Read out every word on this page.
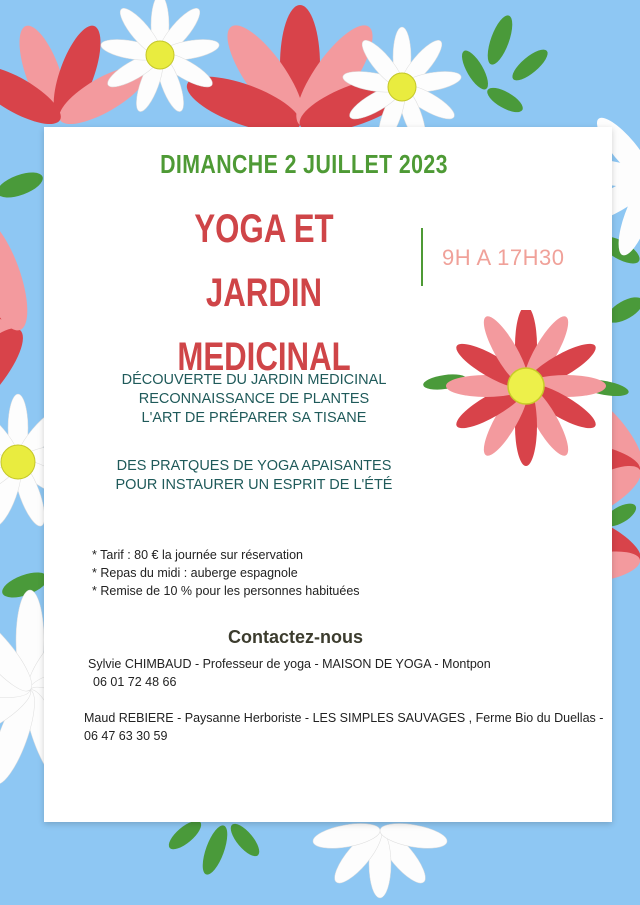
DIMANCHE 2 JUILLET 2023
YOGA ET JARDIN
MEDICINAL
9H A 17H30
DÉCOUVERTE DU JARDIN MEDICINAL
RECONNAISSANCE DE PLANTES
L'ART DE PRÉPARER SA TISANE
DES PRATQUES DE YOGA APAISANTES
POUR INSTAURER UN ESPRIT DE L'ÉTÉ
* Tarif : 80 € la journée sur réservation
* Repas du midi : auberge espagnole
* Remise de 10 % pour les personnes habituées
Contactez-nous
Sylvie CHIMBAUD - Professeur de yoga - MAISON DE YOGA - Montpon
06 01 72 48 66
Maud REBIERE - Paysanne Herboriste - LES SIMPLES SAUVAGES , Ferme Bio du Duellas - 06 47 63 30 59
